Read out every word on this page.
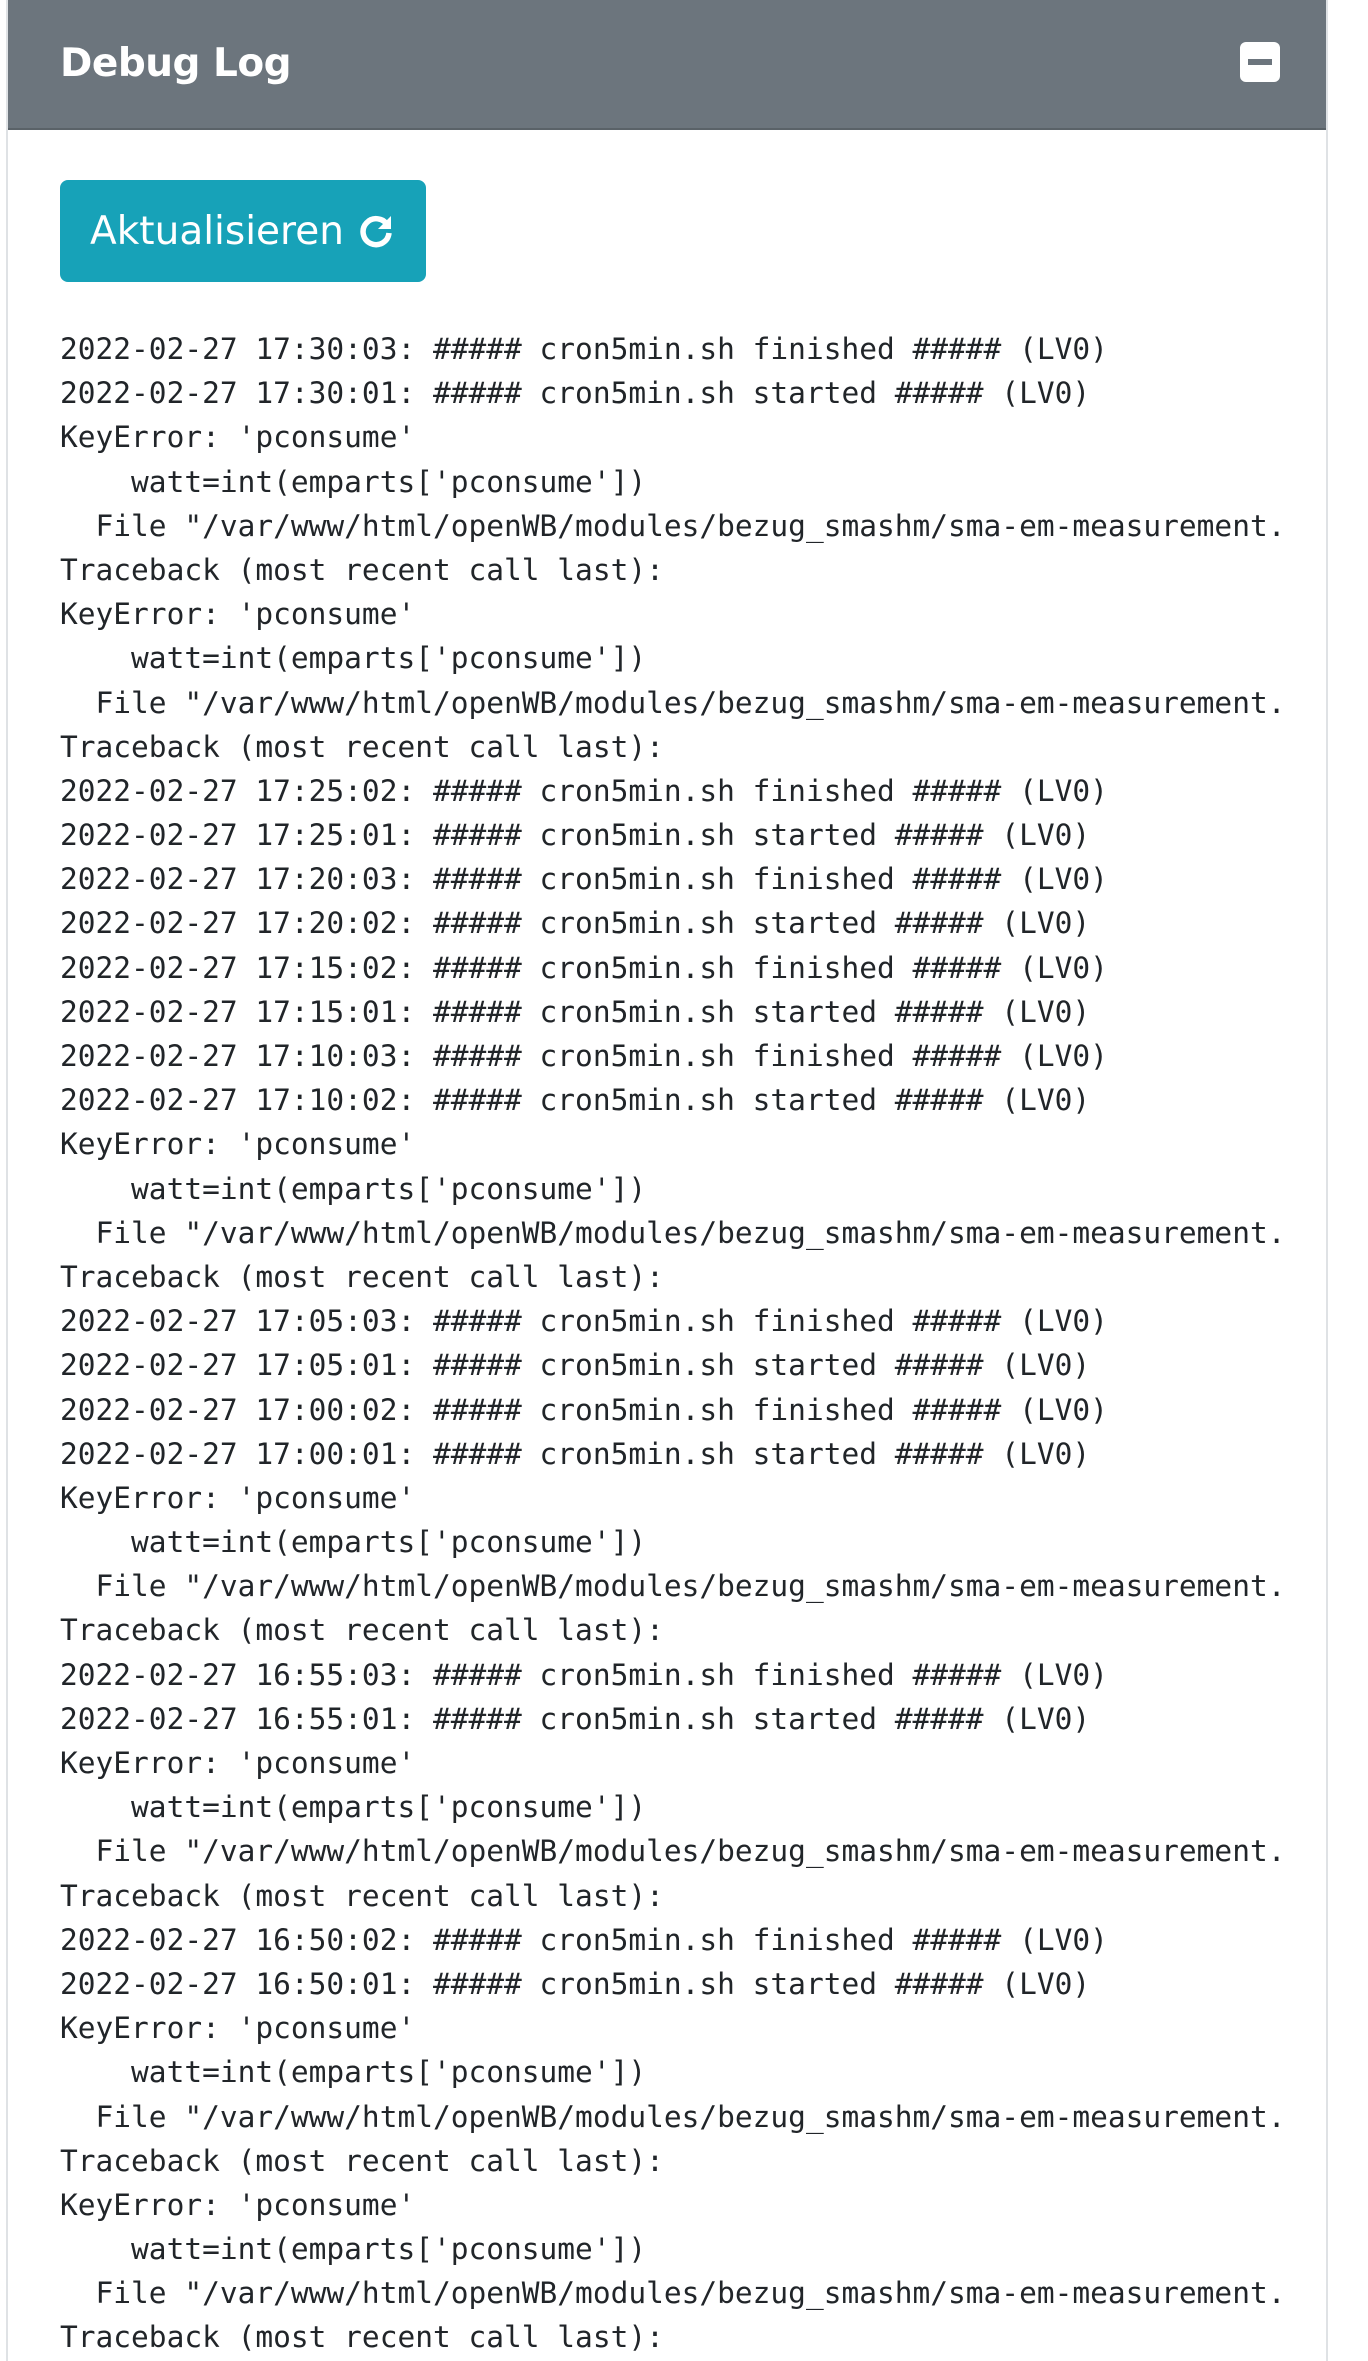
Debug Log
Aktualisieren
2022-02-27 17:30:03: ##### cron5min.sh finished ##### (LV0)
2022-02-27 17:30:01: ##### cron5min.sh started ##### (LV0)
KeyError: 'pconsume'
watt=int(emparts['pconsume'])
File "/var/www/html/openWB/modules/bezug_smashm/sma-em-measurement.
Traceback (most recent call last):
KeyError: 'pconsume'
watt=int(emparts['pconsume'])
File "/var/www/html/openWB/modules/bezug_smashm/sma-em-measurement.
Traceback (most recent call last):
2022-02-27 17:25:02: ##### cron5min.sh finished ##### (LV0)
2022-02-27 17:25:01: ##### cron5min.sh started ##### (LV0)
2022-02-27 17:20:03: ##### cron5min.sh finished ##### (LV0)
2022-02-27 17:20:02: ##### cron5min.sh started ##### (LV0)
2022-02-27 17:15:02: ##### cron5min.sh finished ##### (LV0)
2022-02-27 17:15:01: ##### cron5min.sh started ##### (LV0)
2022-02-27 17:10:03: ##### cron5min.sh finished ##### (LV0)
2022-02-27 17:10:02: ##### cron5min.sh started ##### (LV0)
KeyError: 'pconsume'
watt=int(emparts['pconsume'])
File "/var/www/html/openWB/modules/bezug_smashm/sma-em-measurement.
Traceback (most recent call last):
2022-02-27 17:05:03: ##### cron5min.sh finished ##### (LV0)
2022-02-27 17:05:01: ##### cron5min.sh started ##### (LV0)
2022-02-27 17:00:02: ##### cron5min.sh finished ##### (LV0)
2022-02-27 17:00:01: ##### cron5min.sh started ##### (LV0)
KeyError: 'pconsume'
watt=int(emparts['pconsume'])
File "/var/www/html/openWB/modules/bezug_smashm/sma-em-measurement.
Traceback (most recent call last):
2022-02-27 16:55:03: ##### cron5min.sh finished ##### (LV0)
2022-02-27 16:55:01: ##### cron5min.sh started ##### (LV0)
KeyError: 'pconsume'
watt=int(emparts['pconsume'])
File "/var/www/html/openWB/modules/bezug_smashm/sma-em-measurement.
Traceback (most recent call last):
2022-02-27 16:50:02: ##### cron5min.sh finished ##### (LV0)
2022-02-27 16:50:01: ##### cron5min.sh started ##### (LV0)
KeyError: 'pconsume'
watt=int(emparts['pconsume'])
File "/var/www/html/openWB/modules/bezug_smashm/sma-em-measurement.
Traceback (most recent call last):
KeyError: 'pconsume'
watt=int(emparts['pconsume'])
File "/var/www/html/openWB/modules/bezug_smashm/sma-em-measurement.
Traceback (most recent call last):
